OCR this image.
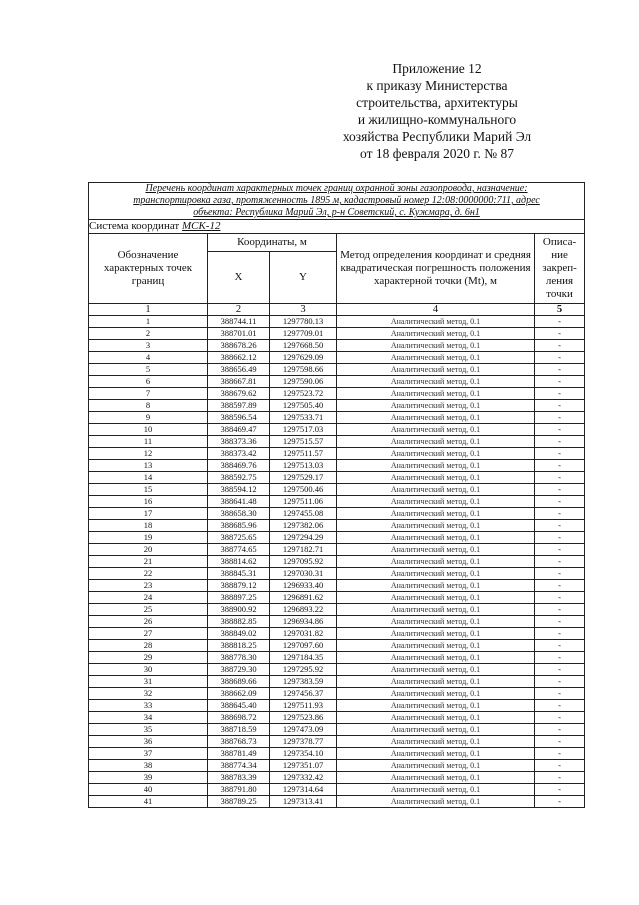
Приложение 12
к приказу Министерства
строительства, архитектуры
и жилищно-коммунального
хозяйства Республики Марий Эл
от 18 февраля 2020 г. № 87
Перечень координат характерных точек границ охранной зоны газопровода, назначение:
транспортировка газа, протяженность 1895 м, кадастровый номер 12:08:0000000:711, адрес
объекта: Республика Марий Эл, р-н Советский, с. Кужмара, д. 6н1				

Система координат МСК-12				
Обозначение характерных точек границ	Координаты, м		Метод определения координат и средняя квадратическая погрешность положения характерной точки (Mt), м	Описа-ние закреп-ления точки
	X	Y		
1	2	3	4	5
1	388744.11	1297780.13	Аналитический метод, 0.1	-
2	388701.01	1297709.01	Аналитический метод, 0.1	-
3	388678.26	1297668.50	Аналитический метод, 0.1	-
4	388662.12	1297629.09	Аналитический метод, 0.1	-
5	388656.49	1297598.66	Аналитический метод, 0.1	-
6	388667.81	1297590.06	Аналитический метод, 0.1	-
7	388679.62	1297523.72	Аналитический метод, 0.1	-
8	388597.89	1297505.40	Аналитический метод, 0.1	-
9	388596.54	1297533.71	Аналитический метод, 0.1	-
10	388469.47	1297517.03	Аналитический метод, 0.1	-
11	388373.36	1297515.57	Аналитический метод, 0.1	-
12	388373.42	1297511.57	Аналитический метод, 0.1	-
13	388469.76	1297513.03	Аналитический метод, 0.1	-
14	388592.75	1297529.17	Аналитический метод, 0.1	-
15	388594.12	1297500.46	Аналитический метод, 0.1	-
16	388641.48	1297511.06	Аналитический метод, 0.1	-
17	388658.30	1297455.08	Аналитический метод, 0.1	-
18	388685.96	1297382.06	Аналитический метод, 0.1	-
19	388725.65	1297294.29	Аналитический метод, 0.1	-
20	388774.65	1297182.71	Аналитический метод, 0.1	-
21	388814.62	1297095.92	Аналитический метод, 0.1	-
22	388845.31	1297030.31	Аналитический метод, 0.1	-
23	388879.12	1296933.40	Аналитический метод, 0.1	-
24	388897.25	1296891.62	Аналитический метод, 0.1	-
25	388900.92	1296893.22	Аналитический метод, 0.1	-
26	388882.85	1296934.86	Аналитический метод, 0.1	-
27	388849.02	1297031.82	Аналитический метод, 0.1	-
28	388818.25	1297097.60	Аналитический метод, 0.1	-
29	388778.30	1297184.35	Аналитический метод, 0.1	-
30	388729.30	1297295.92	Аналитический метод, 0.1	-
31	388689.66	1297383.59	Аналитический метод, 0.1	-
32	388662.09	1297456.37	Аналитический метод, 0.1	-
33	388645.40	1297511.93	Аналитический метод, 0.1	-
34	388698.72	1297523.86	Аналитический метод, 0.1	-
35	388718.59	1297473.09	Аналитический метод, 0.1	-
36	388768.73	1297378.77	Аналитический метод, 0.1	-
37	388781.49	1297354.10	Аналитический метод, 0.1	-
38	388774.34	1297351.07	Аналитический метод, 0.1	-
39	388783.39	1297332.42	Аналитический метод, 0.1	-
40	388791.80	1297314.64	Аналитический метод, 0.1	-
41	388789.25	1297313.41	Аналитический метод, 0.1	-
